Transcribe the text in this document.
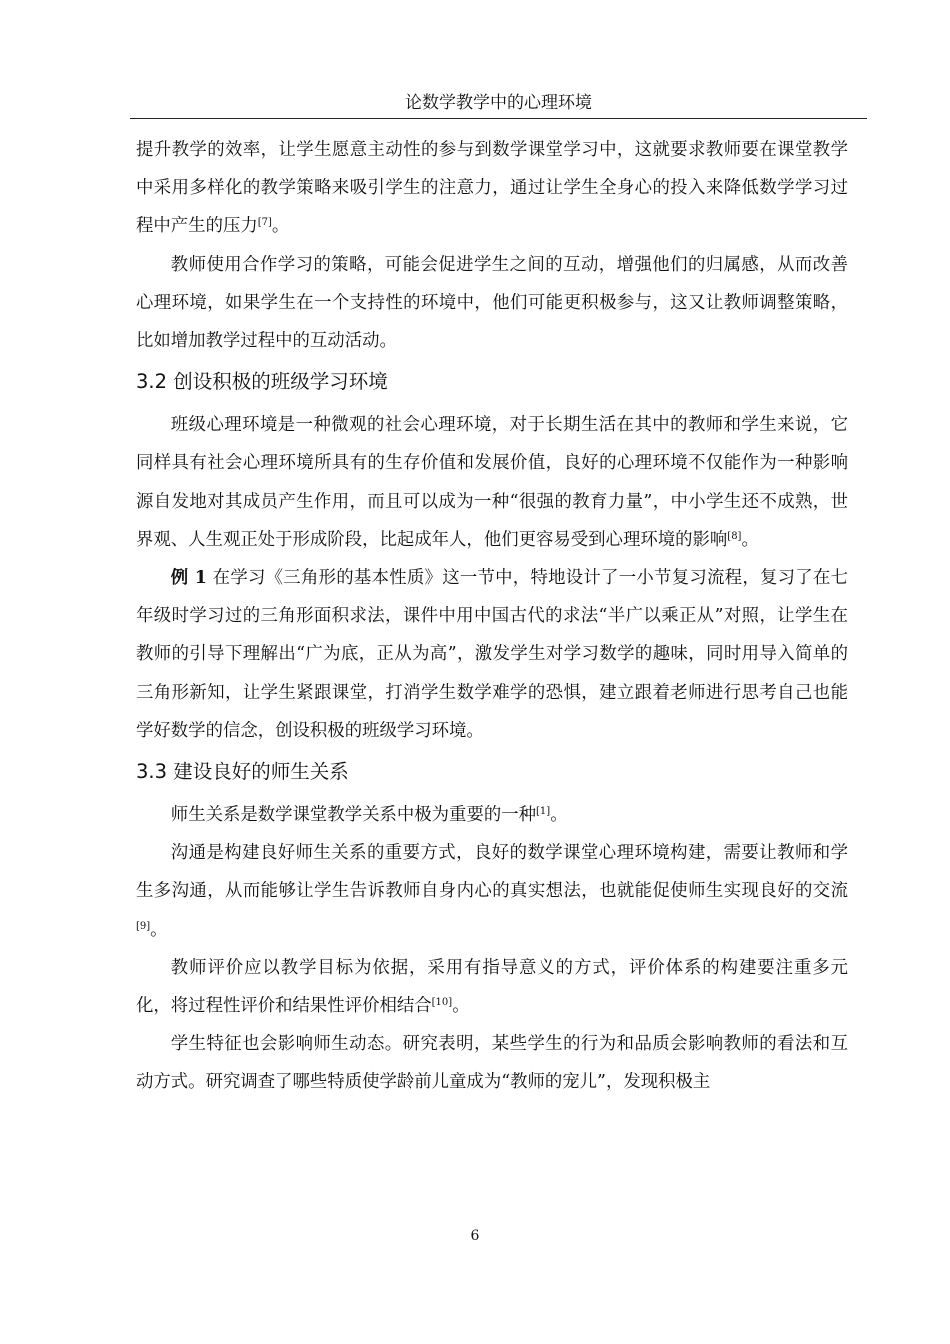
论数学教学中的心理环境

提升教学的效率，让学生愿意主动性的参与到数学课堂学习中，这就要求教师要在课堂教学中采用多样化的教学策略来吸引学生的注意力，通过让学生全身心的投入来降低数学学习过程中产生的压力[7]。

教师使用合作学习的策略，可能会促进学生之间的互动，增强他们的归属感，从而改善心理环境，如果学生在一个支持性的环境中，他们可能更积极参与，这又让教师调整策略，比如增加教学过程中的互动活动。

3.2 创设积极的班级学习环境

班级心理环境是一种微观的社会心理环境，对于长期生活在其中的教师和学生来说，它同样具有社会心理环境所具有的生存价值和发展价值，良好的心理环境不仅能作为一种影响源自发地对其成员产生作用，而且可以成为一种“很强的教育力量”，中小学生还不成熟，世界观、人生观正处于形成阶段，比起成年人，他们更容易受到心理环境的影响[8]。

例 1 在学习《三角形的基本性质》这一节中，特地设计了一小节复习流程，复习了在七年级时学习过的三角形面积求法，课件中用中国古代的求法“半广以乘正从”对照，让学生在教师的引导下理解出“广为底，正从为高”，激发学生对学习数学的趣味，同时用导入简单的三角形新知，让学生紧跟课堂，打消学生数学难学的恐惧，建立跟着老师进行思考自己也能学好数学的信念，创设积极的班级学习环境。

3.3 建设良好的师生关系

师生关系是数学课堂教学关系中极为重要的一种[1]。

沟通是构建良好师生关系的重要方式，良好的数学课堂心理环境构建，需要让教师和学生多沟通，从而能够让学生告诉教师自身内心的真实想法，也就能促使师生实现良好的交流[9]。

教师评价应以教学目标为依据，采用有指导意义的方式，评价体系的构建要注重多元化，将过程性评价和结果性评价相结合[10]。

学生特征也会影响师生动态。研究表明，某些学生的行为和品质会影响教师的看法和互动方式。研究调查了哪些特质使学龄前儿童成为“教师的宠儿”，发现积极主

6
